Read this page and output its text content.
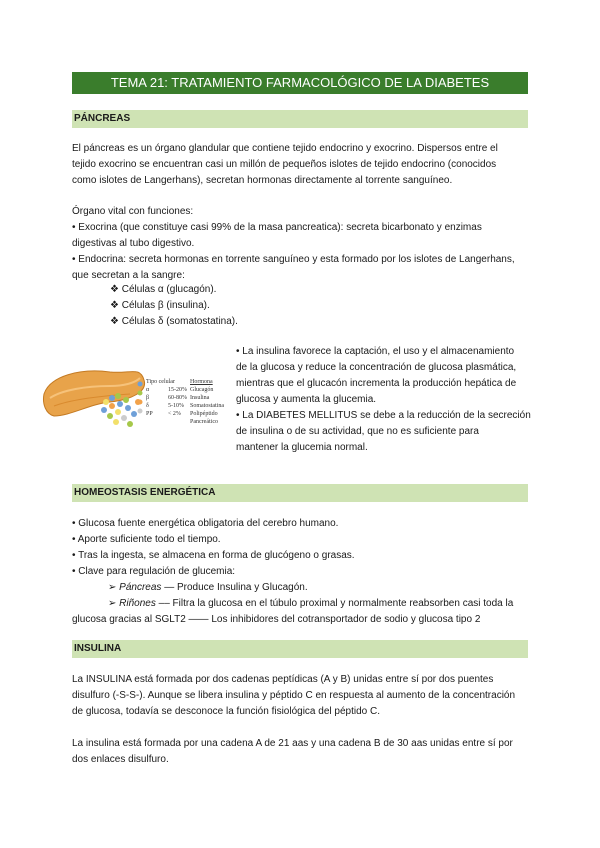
TEMA 21: TRATAMIENTO FARMACOLÓGICO DE LA DIABETES
PÁNCREAS
El páncreas es un órgano glandular que contiene tejido endocrino y exocrino. Dispersos entre el
tejido exocrino se encuentran casi un millón de pequeños islotes de tejido endocrino (conocidos
como islotes de Langerhans), secretan hormonas directamente al torrente sanguíneo.
Órgano vital con funciones:
• Exocrina (que constituye casi 99% de la masa pancreatica): secreta bicarbonato y enzimas
digestivas al tubo digestivo.
• Endocrina: secreta hormonas en torrente sanguíneo y esta formado por los islotes de Langerhans,
que secretan a la sangre:
❖ Células α (glucagón).
❖ Células β (insulina).
❖ Células δ (somatostatina).
Tipo celular	Hormona
α	15-20% Glucagón
β	60-80% Insulina
δ	5-10% Somatostatina
PP	< 2% Polipéptido Pancreático
• La insulina favorece la captación, el uso y el almacenamiento
de la glucosa y reduce la concentración de glucosa plasmática,
mientras que el glucacón incrementa la producción hepática de
glucosa y aumenta la glucemia.
• La DIABETES MELLITUS se debe a la reducción de la secreción
de insulina o de su actividad, que no es suficiente para
mantener la glucemia normal.
HOMEOSTASIS ENERGÉTICA
• Glucosa fuente energética obligatoria del cerebro humano.
• Aporte suficiente todo el tiempo.
• Tras la ingesta, se almacena en forma de glucógeno o grasas.
• Clave para regulación de glucemia:
➢ Páncreas — Produce Insulina y Glucagón.
➢ Riñones –– Filtra la glucosa en el túbulo proximal y normalmente reabsorben casi toda la
glucosa gracias al SGLT2 —— Los inhibidores del cotransportador de sodio y glucosa tipo 2
INSULINA
La INSULINA está formada por dos cadenas peptídicas (A y B) unidas entre sí por dos puentes
disulfuro (-S-S-). Aunque se libera insulina y péptido C en respuesta al aumento de la concentración
de glucosa, todavía se desconoce la función fisiológica del péptido C.
La insulina está formada por una cadena A de 21 aas y una cadena B de 30 aas unidas entre sí por
dos enlaces disulfuro.
